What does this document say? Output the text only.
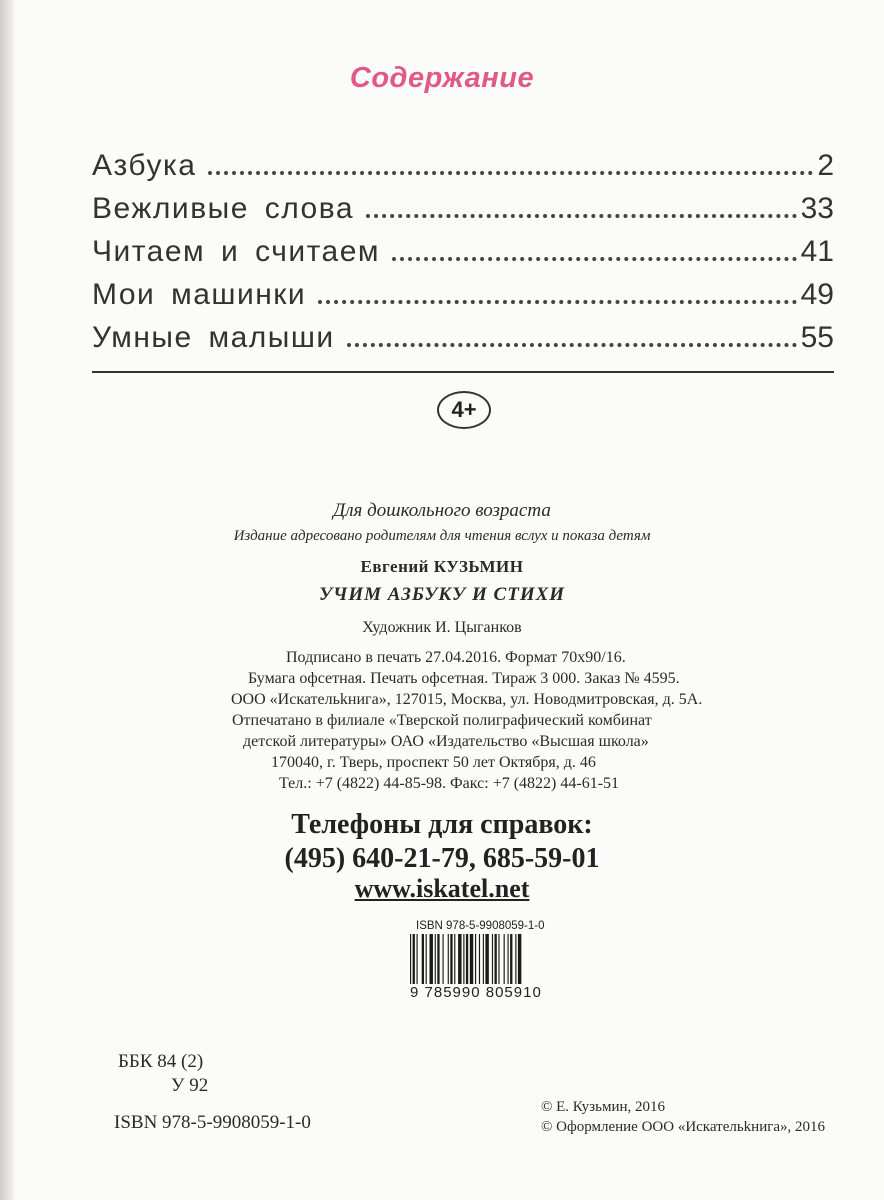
Содержание
Азбука	2
Вежливые слова	33
Читаем и считаем	41
Мои машинки	49
Умные малыши	55
4+
Для дошкольного возраста
Издание адресовано родителям для чтения вслух и показа детям
Евгений КУЗЬМИН
УЧИМ АЗБУКУ И СТИХИ
Художник И. Цыганков
Подписано в печать 27.04.2016. Формат 70x90/16.
Бумага офсетная. Печать офсетная. Тираж 3 000. Заказ № 4595.
ООО «Искательkнига», 127015, Москва, ул. Новодмитровская, д. 5А.
Отпечатано в филиале «Тверской полиграфический комбинат
детской литературы» ОАО «Издательство «Высшая школа»
170040, г. Тверь, проспект 50 лет Октября, д. 46
Тел.: +7 (4822) 44-85-98. Факс: +7 (4822) 44-61-51
Телефоны для справок:
(495) 640-21-79, 685-59-01
www.iskatel.net
ISBN 978-5-9908059-1-0
9 785990 805910
ББК 84 (2)
У 92
ISBN 978-5-9908059-1-0
© Е. Кузьмин, 2016
© Оформление ООО «Искательkнига», 2016
